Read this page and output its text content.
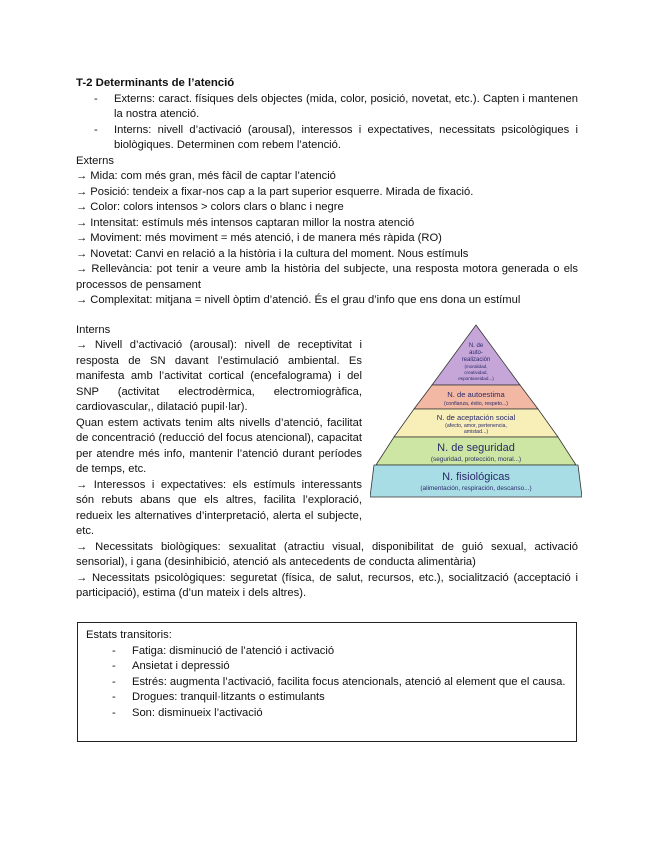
T-2 Determinants de l’atenció

- Externs: caract. físiques dels objectes (mida, color, posició, novetat, etc.). Capten i mantenen la nostra atenció.
- Interns: nivell d’activació (arousal), interessos i expectatives, necessitats psicològiques i biològiques. Determinen com rebem l’atenció.

Externs

→ Mida: com més gran, més fàcil de captar l’atenció

→ Posició: tendeix a fixar-nos cap a la part superior esquerre. Mirada de fixació.

→ Color: colors intensos > colors clars o blanc i negre

→ Intensitat: estímuls més intensos captaran millor la nostra atenció

→ Moviment: més moviment = més atenció, i de manera més ràpida (RO)

→ Novetat: Canvi en relació a la història i la cultura del moment. Nous estímuls

→ Rellevància: pot tenir a veure amb la història del subjecte, una resposta motora generada o els processos de pensament

→ Complexitat: mitjana = nivell òptim d’atenció. És el grau d’info que ens dona un estímul

Interns

→ Nivell d’activació (arousal): nivell de receptivitat i resposta de SN davant l’estimulació ambiental. Es manifesta amb l’activitat cortical (encefalograma) i del SNP (activitat electrodèrmica, electromiogràfica, cardiovascular,, dilatació pupil·lar).

Quan estem activats tenim alts nivells d’atenció, facilitat de concentració (reducció del focus atencional), capacitat per atendre més info, mantenir l’atenció durant períodes de temps, etc.

→ Interessos i expectatives: els estímuls interessants són rebuts abans que els altres, facilita l’exploració, redueix les alternatives d’interpretació, alerta el subjecte, etc.

N. de
auto-
realización
(moralidad,
creatividad,
espontaneidad...)
N. de autoestima
(confianza, éxito, respeto...)
N. de aceptación social
(afecto, amor, pertenencia,
amistad...)
N. de seguridad
(seguridad, protección, moral...)
N. fisiológicas
(alimentación, respiración, descanso...)

→ Necessitats biològiques: sexualitat (atractiu visual, disponibilitat de guió sexual, activació sensorial), i gana (desinhibició, atenció als antecedents de conducta alimentària)

→ Necessitats psicològiques: seguretat (física, de salut, recursos, etc.), socialització (acceptació i participació), estima (d’un mateix i dels altres).

Estats transitoris:

- Fatiga: disminució de l’atenció i activació
- Ansietat i depressió
- Estrés: augmenta l’activació, facilita focus atencionals, atenció al element que el causa.
- Drogues: tranquil·litzants o estimulants
- Son: disminueix l’activació
